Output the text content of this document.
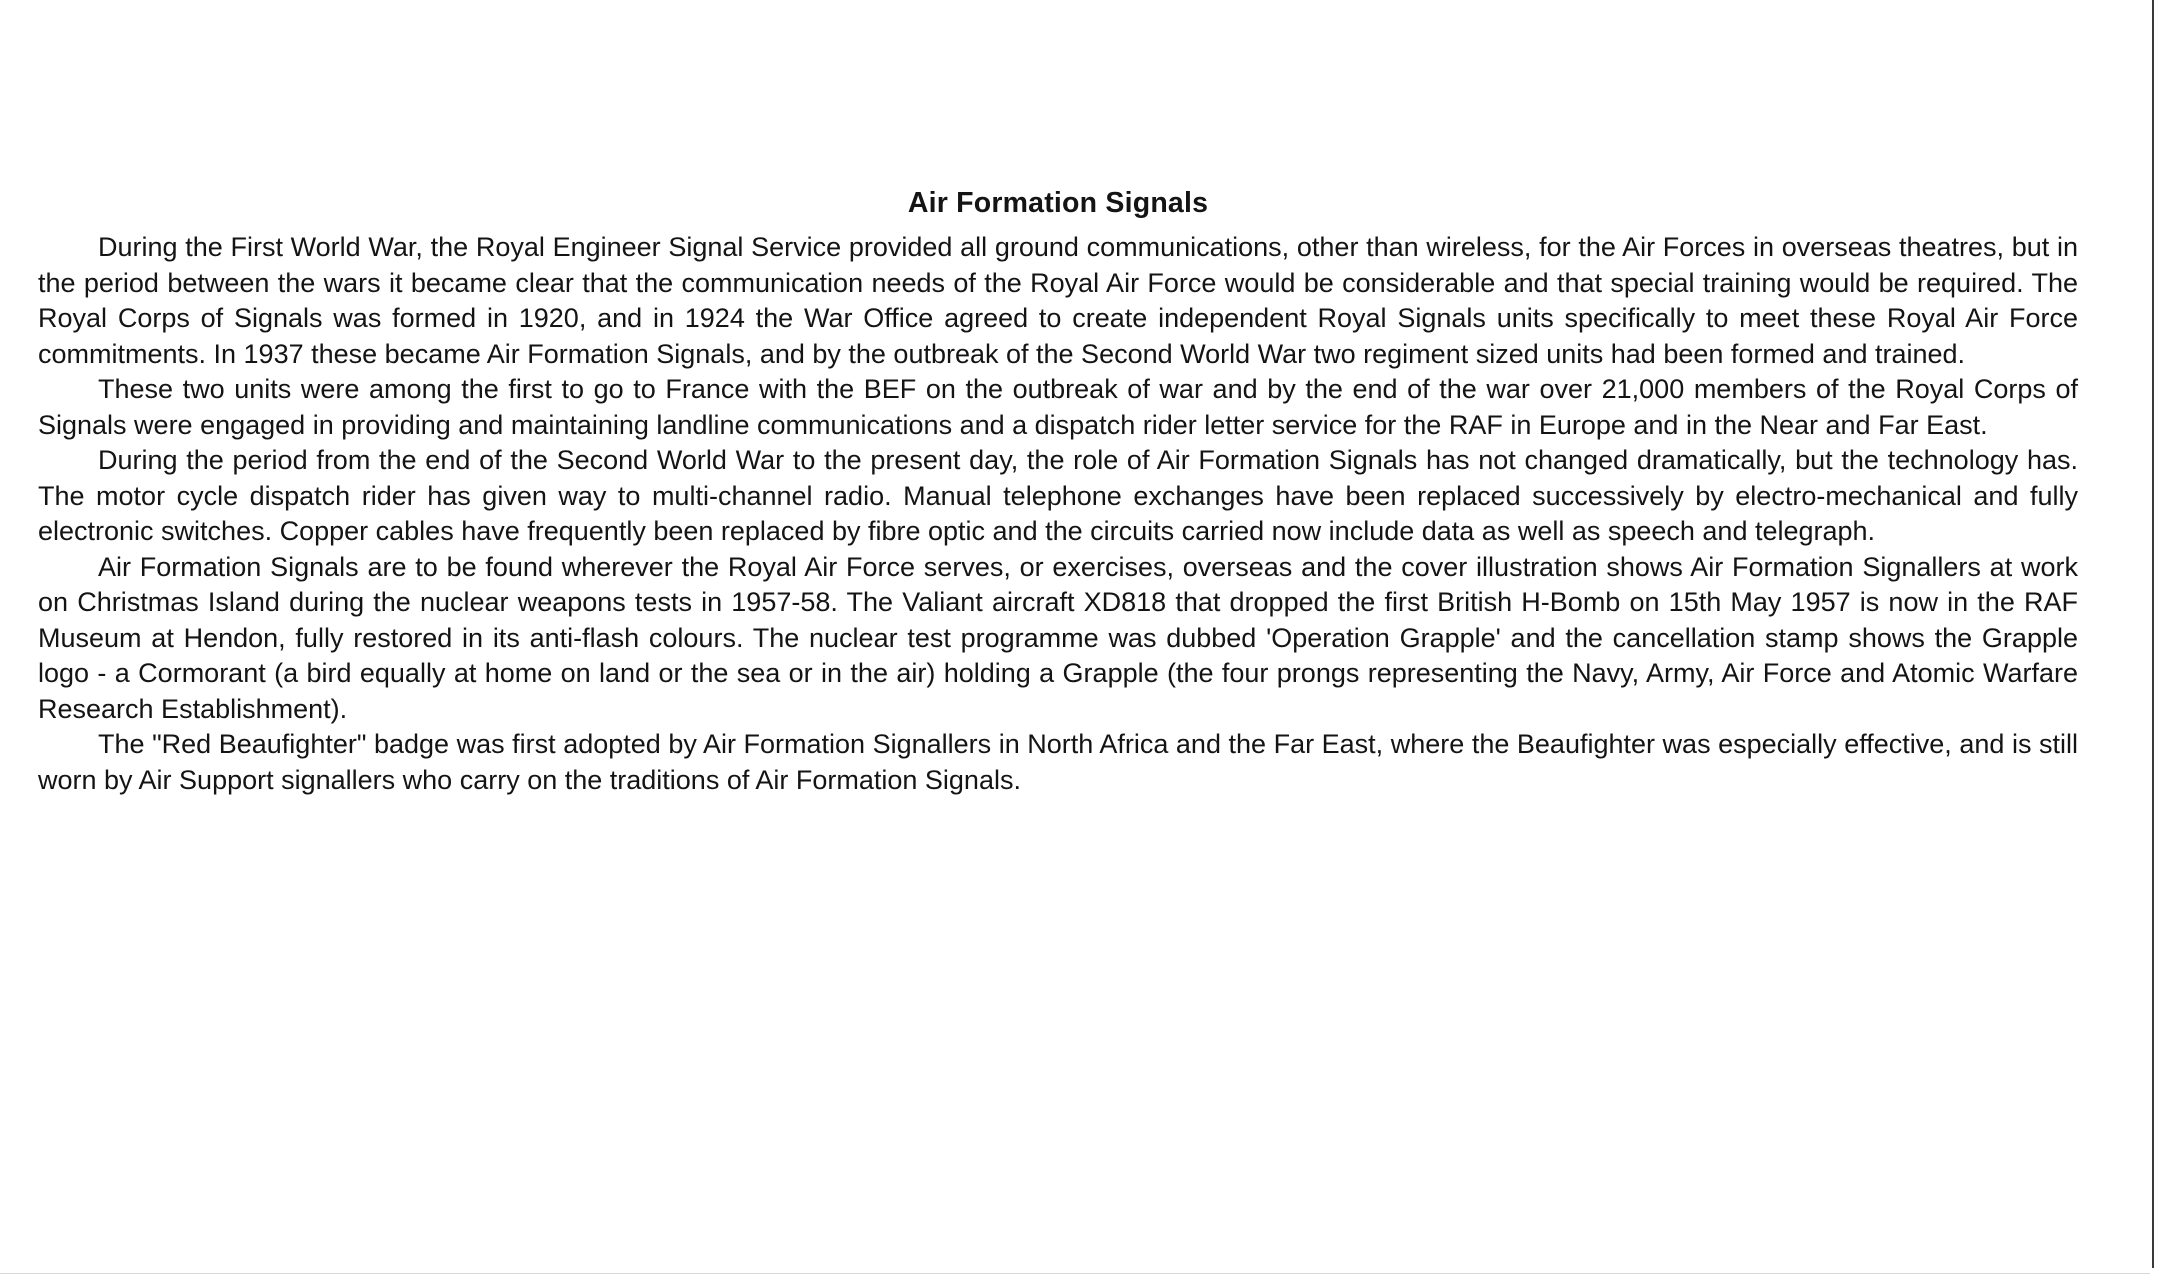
Air Formation Signals

During the First World War, the Royal Engineer Signal Service provided all ground communications, other than wireless, for the Air Forces in overseas theatres, but in the period between the wars it became clear that the communication needs of the Royal Air Force would be considerable and that special training would be required. The Royal Corps of Signals was formed in 1920, and in 1924 the War Office agreed to create independent Royal Signals units specifically to meet these Royal Air Force commitments. In 1937 these became Air Formation Signals, and by the outbreak of the Second World War two regiment sized units had been formed and trained.

These two units were among the first to go to France with the BEF on the outbreak of war and by the end of the war over 21,000 members of the Royal Corps of Signals were engaged in providing and maintaining landline communications and a dispatch rider letter service for the RAF in Europe and in the Near and Far East.

During the period from the end of the Second World War to the present day, the role of Air Formation Signals has not changed dramatically, but the technology has. The motor cycle dispatch rider has given way to multi-channel radio. Manual telephone exchanges have been replaced successively by electro-mechanical and fully electronic switches. Copper cables have frequently been replaced by fibre optic and the circuits carried now include data as well as speech and telegraph.

Air Formation Signals are to be found wherever the Royal Air Force serves, or exercises, overseas and the cover illustration shows Air Formation Signallers at work on Christmas Island during the nuclear weapons tests in 1957-58. The Valiant aircraft XD818 that dropped the first British H-Bomb on 15th May 1957 is now in the RAF Museum at Hendon, fully restored in its anti-flash colours. The nuclear test programme was dubbed 'Operation Grapple' and the cancellation stamp shows the Grapple logo - a Cormorant (a bird equally at home on land or the sea or in the air) holding a Grapple (the four prongs representing the Navy, Army, Air Force and Atomic Warfare Research Establishment).

The "Red Beaufighter" badge was first adopted by Air Formation Signallers in North Africa and the Far East, where the Beaufighter was especially effective, and is still worn by Air Support signallers who carry on the traditions of Air Formation Signals.
